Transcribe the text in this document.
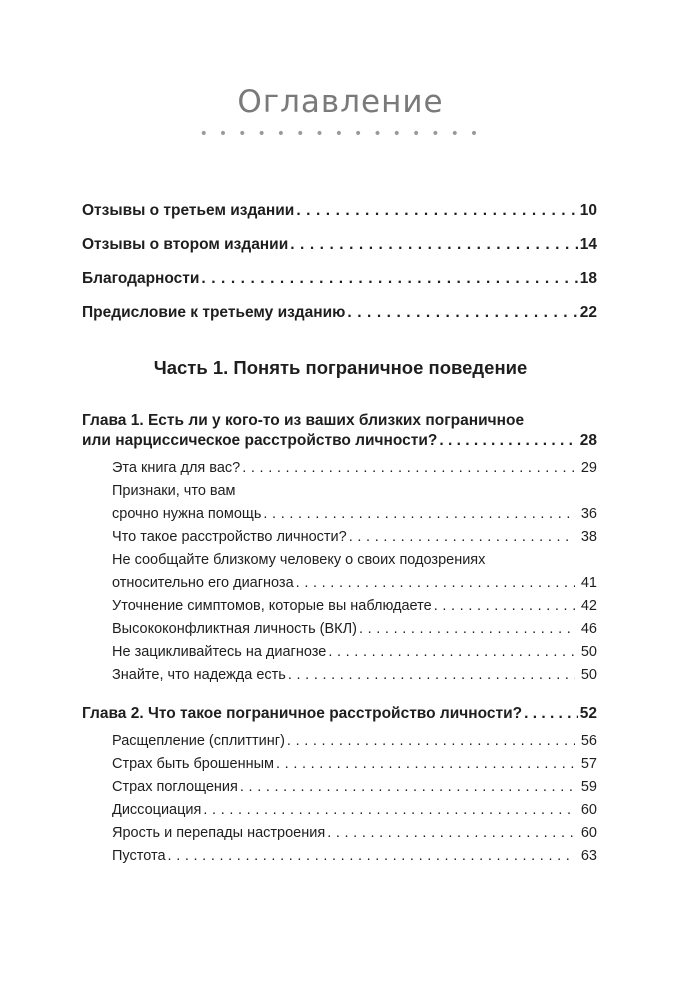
Оглавление
• • • • • • • • • • • • • • •
Отзывы о третьем издании . . .	10
Отзывы о втором издании . . .	14
Благодарности . . .	18
Предисловие к третьему изданию . . .	22
Часть 1. Понять пограничное поведение
Глава 1. Есть ли у кого-то из ваших близких пограничное
или нарциссическое расстройство личности? . . .	28
Эта книга для вас? . . .	29
Признаки, что вам
срочно нужна помощь . . .	36
Что такое расстройство личности? . . .	38
Не сообщайте близкому человеку о своих подозрениях
относительно его диагноза . . .	41
Уточнение симптомов, которые вы наблюдаете . . .	42
Высококонфликтная личность (ВКЛ) . . .	46
Не зацикливайтесь на диагнозе . . .	50
Знайте, что надежда есть . . .	50
Глава 2. Что такое пограничное расстройство личности? . . .	52
Расщепление (сплиттинг) . . .	56
Страх быть брошенным . . .	57
Страх поглощения . . .	59
Диссоциация . . .	60
Ярость и перепады настроения . . .	60
Пустота . . .	63
